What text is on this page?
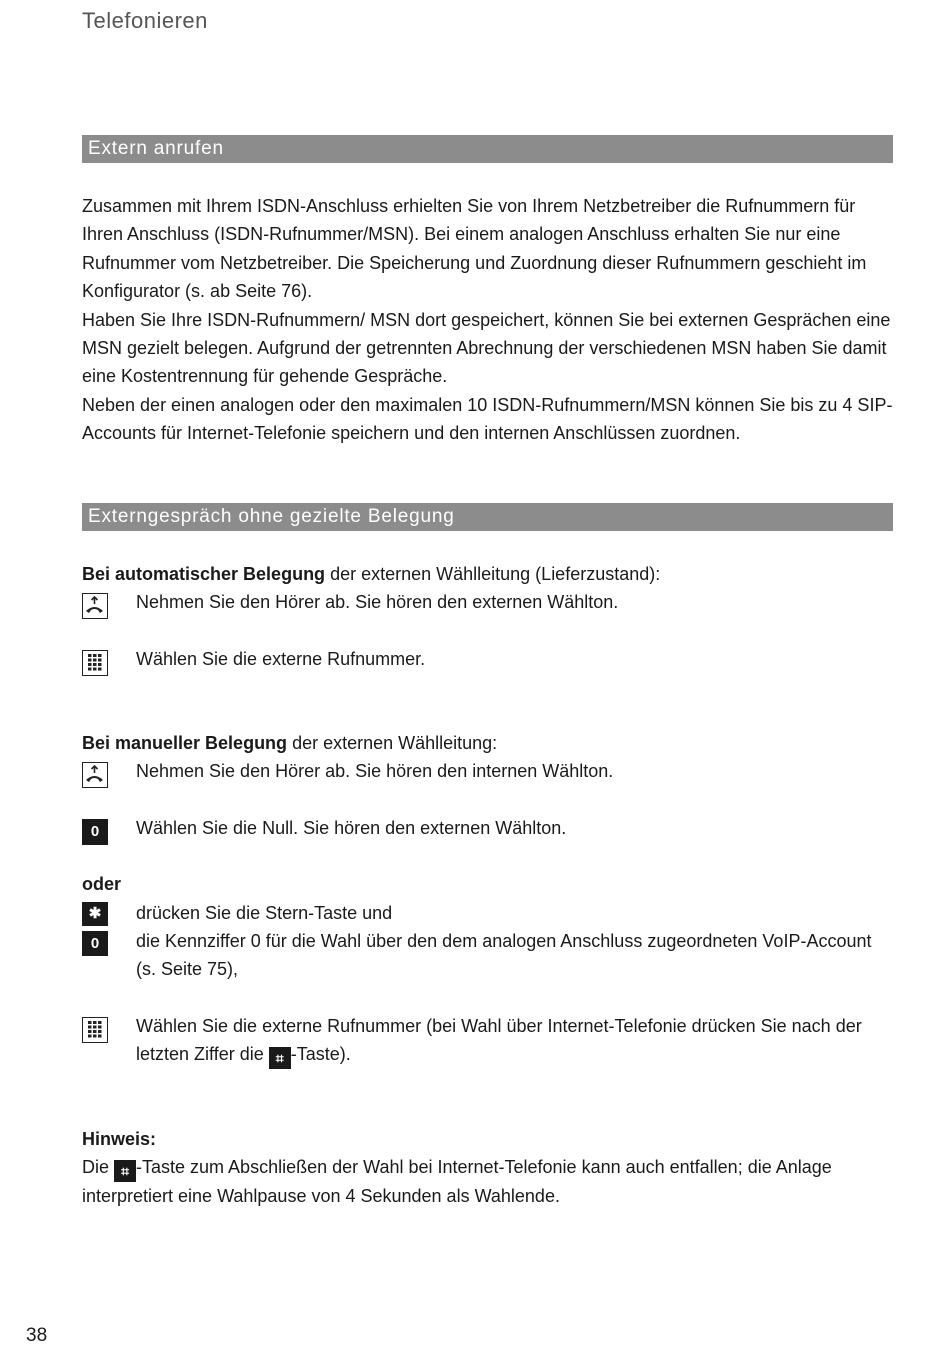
Telefonieren
Extern anrufen

Zusammen mit Ihrem ISDN-Anschluss erhielten Sie von Ihrem Netzbetreiber die Rufnummern für Ihren Anschluss (ISDN-Rufnummer/MSN). Bei einem analogen Anschluss erhalten Sie nur eine Rufnummer vom Netzbetreiber. Die Speicherung und Zuordnung dieser Rufnummern geschieht im Konfigurator (s. ab Seite 76).

Haben Sie Ihre ISDN-Rufnummern/ MSN dort gespeichert, können Sie bei externen Gesprächen eine MSN gezielt belegen. Aufgrund der getrennten Abrechnung der verschiedenen MSN haben Sie damit eine Kostentrennung für gehende Gespräche.

Neben der einen analogen oder den maximalen 10 ISDN-Rufnummern/MSN können Sie bis zu 4 SIP-Accounts für Internet-Telefonie speichern und den internen Anschlüssen zuordnen.

Externgespräch ohne gezielte Belegung
Bei automatischer Belegung der externen Wählleitung (Lieferzustand):
Nehmen Sie den Hörer ab. Sie hören den externen Wählton.
Wählen Sie die externe Rufnummer.
Bei manueller Belegung der externen Wählleitung:
Nehmen Sie den Hörer ab. Sie hören den internen Wählton.
0	Wählen Sie die Null. Sie hören den externen Wählton.
oder
✱	drücken Sie die Stern-Taste und
0	die Kennziffer 0 für die Wahl über den dem analogen Anschluss zugeordneten VoIP-Account (s. Seite 75),
Wählen Sie die externe Rufnummer (bei Wahl über Internet-Telefonie drücken Sie nach der letzten Ziffer die ⌗ -Taste).
Hinweis:
Die ⌗ -Taste zum Abschließen der Wahl bei Internet-Telefonie kann auch entfallen; die Anlage interpretiert eine Wahlpause von 4 Sekunden als Wahlende.
38
